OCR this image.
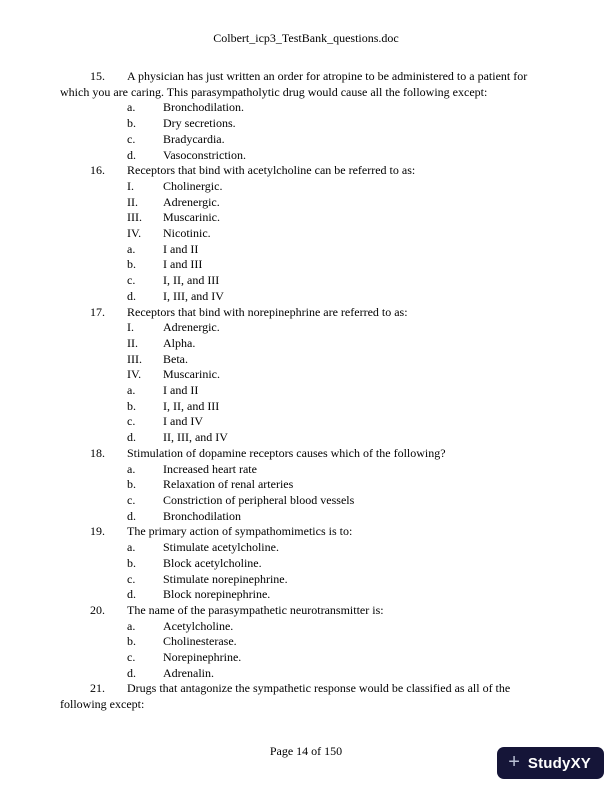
Colbert_icp3_TestBank_questions.doc

15. A physician has just written an order for atropine to be administered to a patient for which you are caring. This parasympatholytic drug would cause all the following except:

a. Bronchodilation.
b. Dry secretions.
c. Bradycardia.
d. Vasoconstriction.

16. Receptors that bind with acetylcholine can be referred to as:

I. Cholinergic.
II. Adrenergic.
III. Muscarinic.
IV. Nicotinic.
a. I and II
b. I and III
c. I, II, and III
d. I, III, and IV

17. Receptors that bind with norepinephrine are referred to as:

I. Adrenergic.
II. Alpha.
III. Beta.
IV. Muscarinic.
a. I and II
b. I, II, and III
c. I and IV
d. II, III, and IV

18. Stimulation of dopamine receptors causes which of the following?

a. Increased heart rate
b. Relaxation of renal arteries
c. Constriction of peripheral blood vessels
d. Bronchodilation

19. The primary action of sympathomimetics is to:

a. Stimulate acetylcholine.
b. Block acetylcholine.
c. Stimulate norepinephrine.
d. Block norepinephrine.

20. The name of the parasympathetic neurotransmitter is:

a. Acetylcholine.
b. Cholinesterase.
c. Norepinephrine.
d. Adrenalin.

21. Drugs that antagonize the sympathetic response would be classified as all of the following except:

Page 14 of 150	+ StudyXY
